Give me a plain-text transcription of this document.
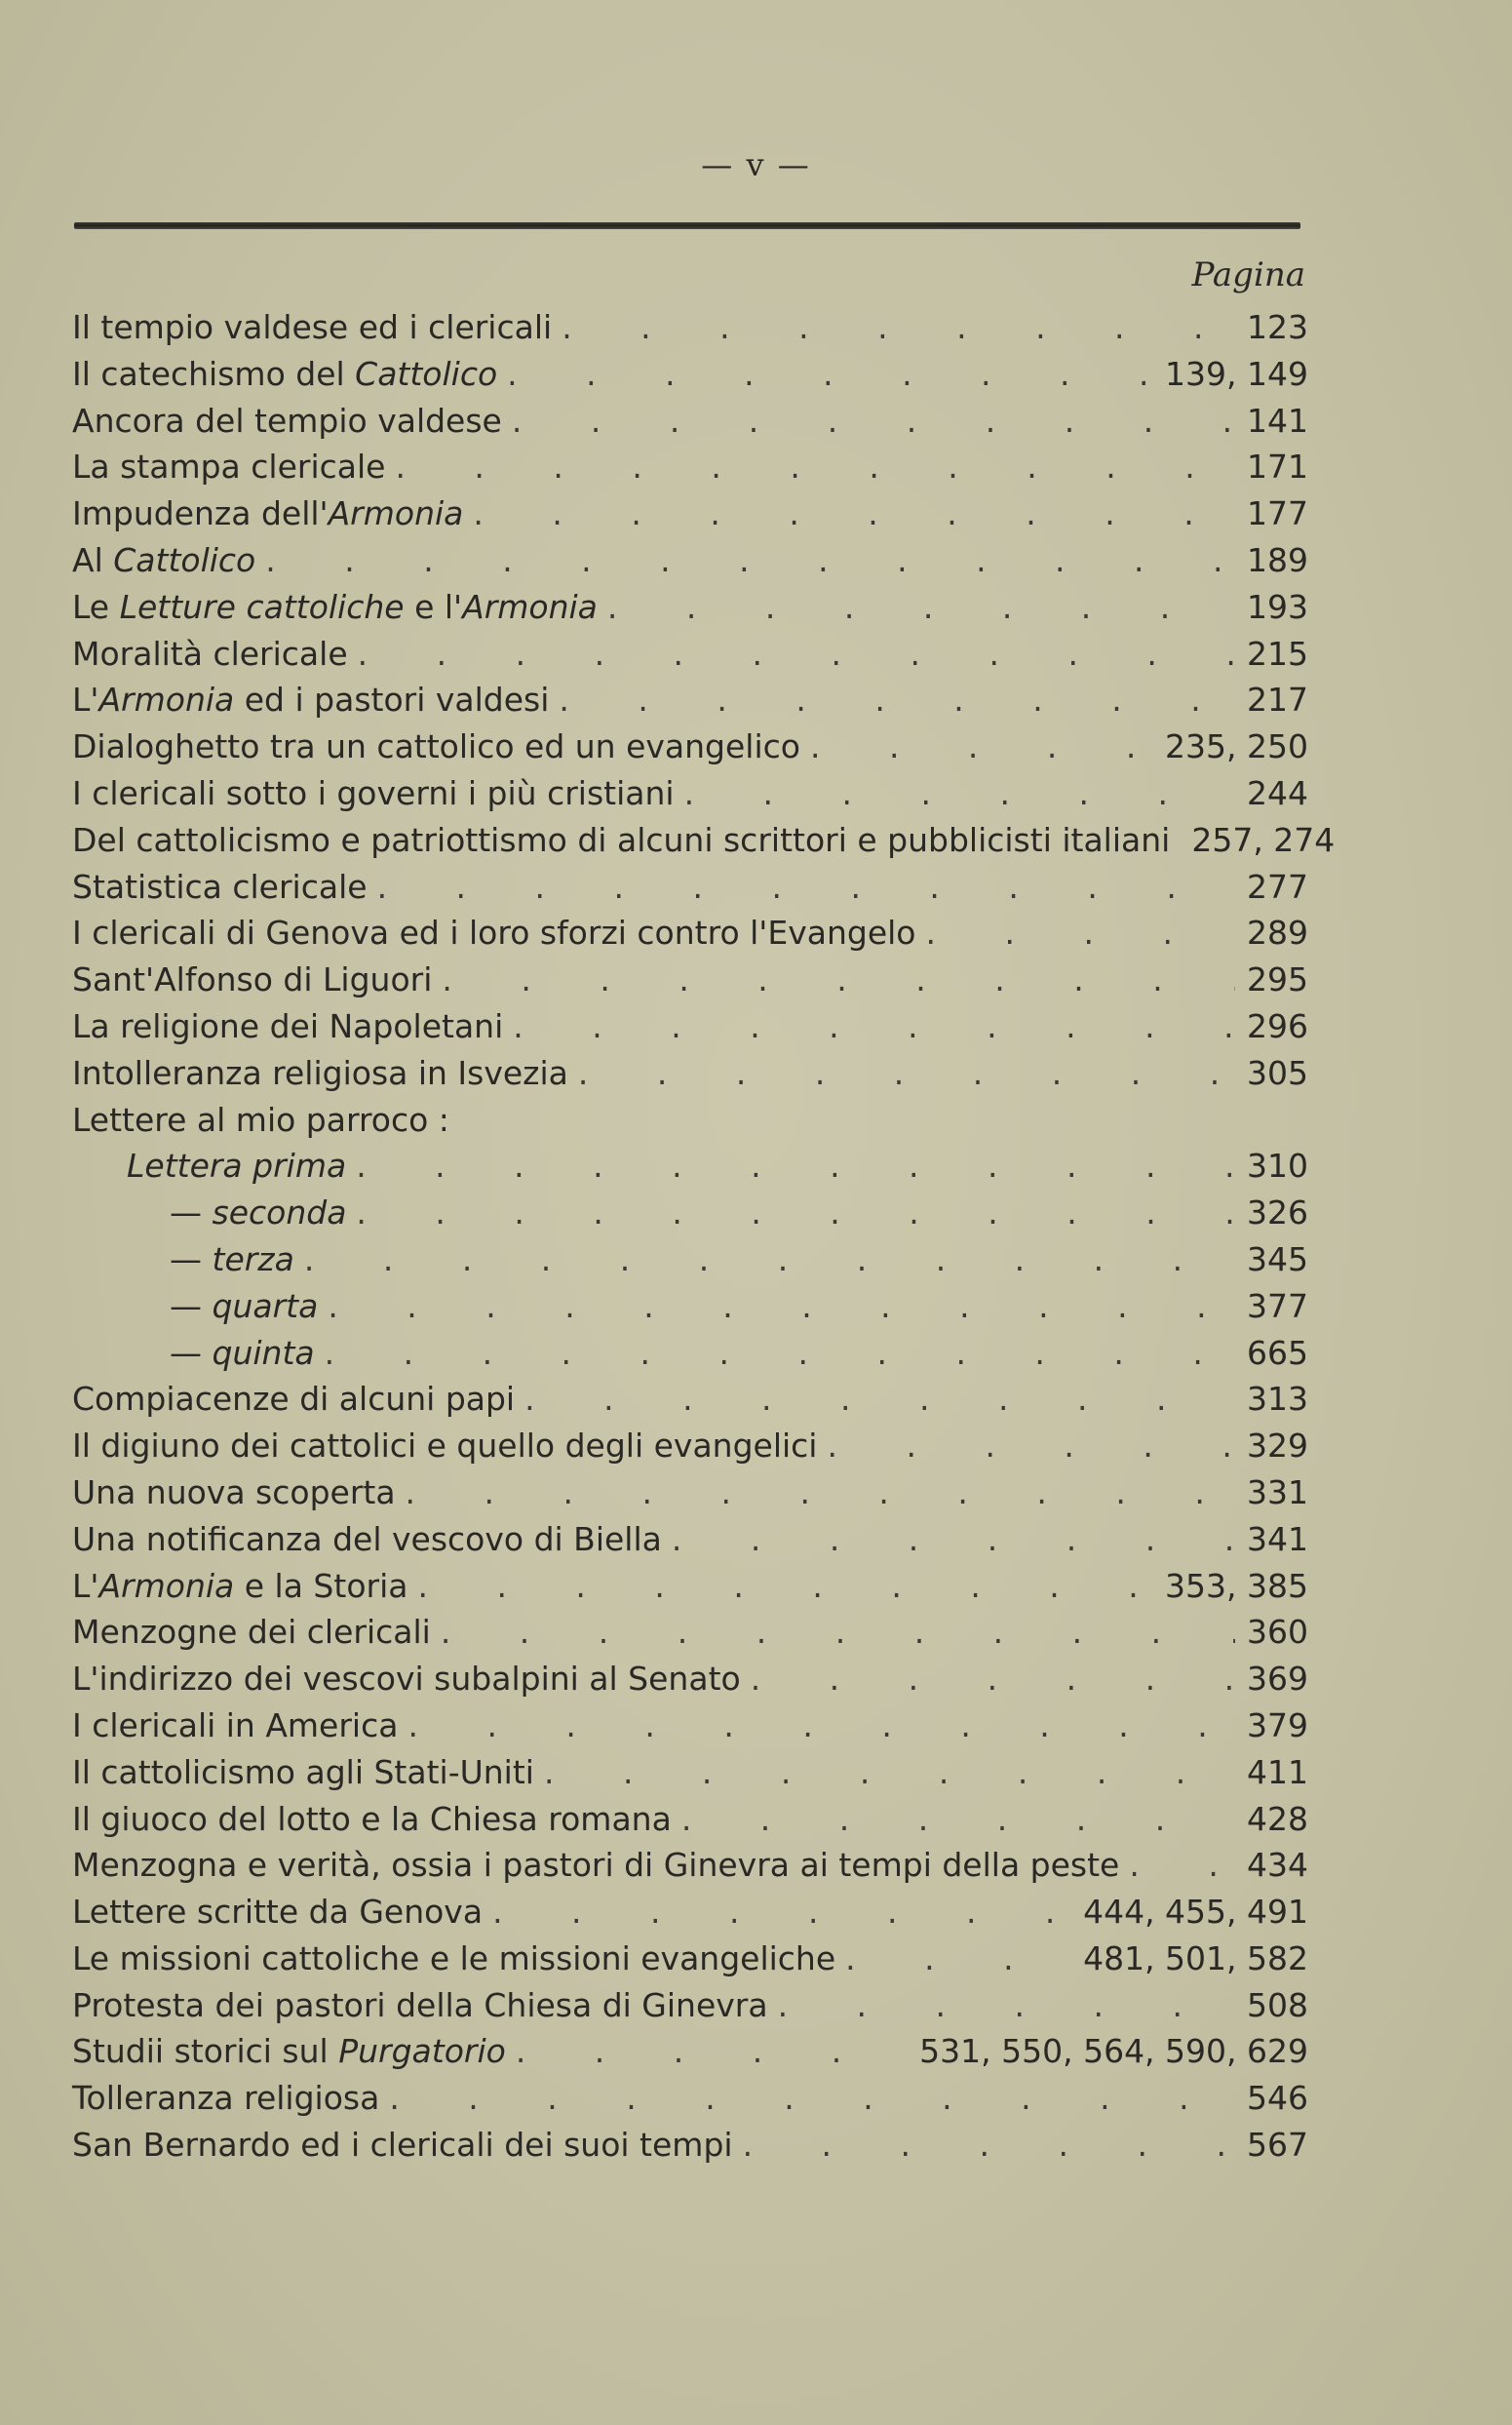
— v —
Pagina
Il tempio valdese ed i clericali . . .	123
Il catechismo del Cattolico . . .	139, 149
Ancora del tempio valdese . . .	141
La stampa clericale . . .	171
Impudenza dell'Armonia . . .	177
Al Cattolico . . .	189
Le Letture cattoliche e l'Armonia . . .	193
Moralità clericale . . .	215
L'Armonia ed i pastori valdesi . . .	217
Dialoghetto tra un cattolico ed un evangelico . . .	235, 250
I clericali sotto i governi i più cristiani . . .	244
Del cattolicismo e patriottismo di alcuni scrittori e pubblicisti italiani 257, 274
Statistica clericale . . .	277
I clericali di Genova ed i loro sforzi contro l'Evangelo . . .	289
Sant'Alfonso di Liguori . . .	295
La religione dei Napoletani . . .	296
Intolleranza religiosa in Isvezia . . .	305
Lettere al mio parroco :
Lettera prima . . .	310
— seconda . . .	326
— terza . . .	345
— quarta . . .	377
— quinta . . .	665
Compiacenze di alcuni papi . . .	313
Il digiuno dei cattolici e quello degli evangelici . . .	329
Una nuova scoperta . . .	331
Una notificanza del vescovo di Biella . . .	341
L'Armonia e la Storia . . .	353, 385
Menzogne dei clericali . . .	360
L'indirizzo dei vescovi subalpini al Senato . . .	369
I clericali in America . . .	379
Il cattolicismo agli Stati-Uniti . . .	411
Il giuoco del lotto e la Chiesa romana . . .	428
Menzogna e verità, ossia i pastori di Ginevra ai tempi della peste . . .	434
Lettere scritte da Genova . . .	444, 455, 491
Le missioni cattoliche e le missioni evangeliche . . .	481, 501, 582
Protesta dei pastori della Chiesa di Ginevra . . .	508
Studii storici sul Purgatorio . . .	531, 550, 564, 590, 629
Tolleranza religiosa . . .	546
San Bernardo ed i clericali dei suoi tempi . . .	567
